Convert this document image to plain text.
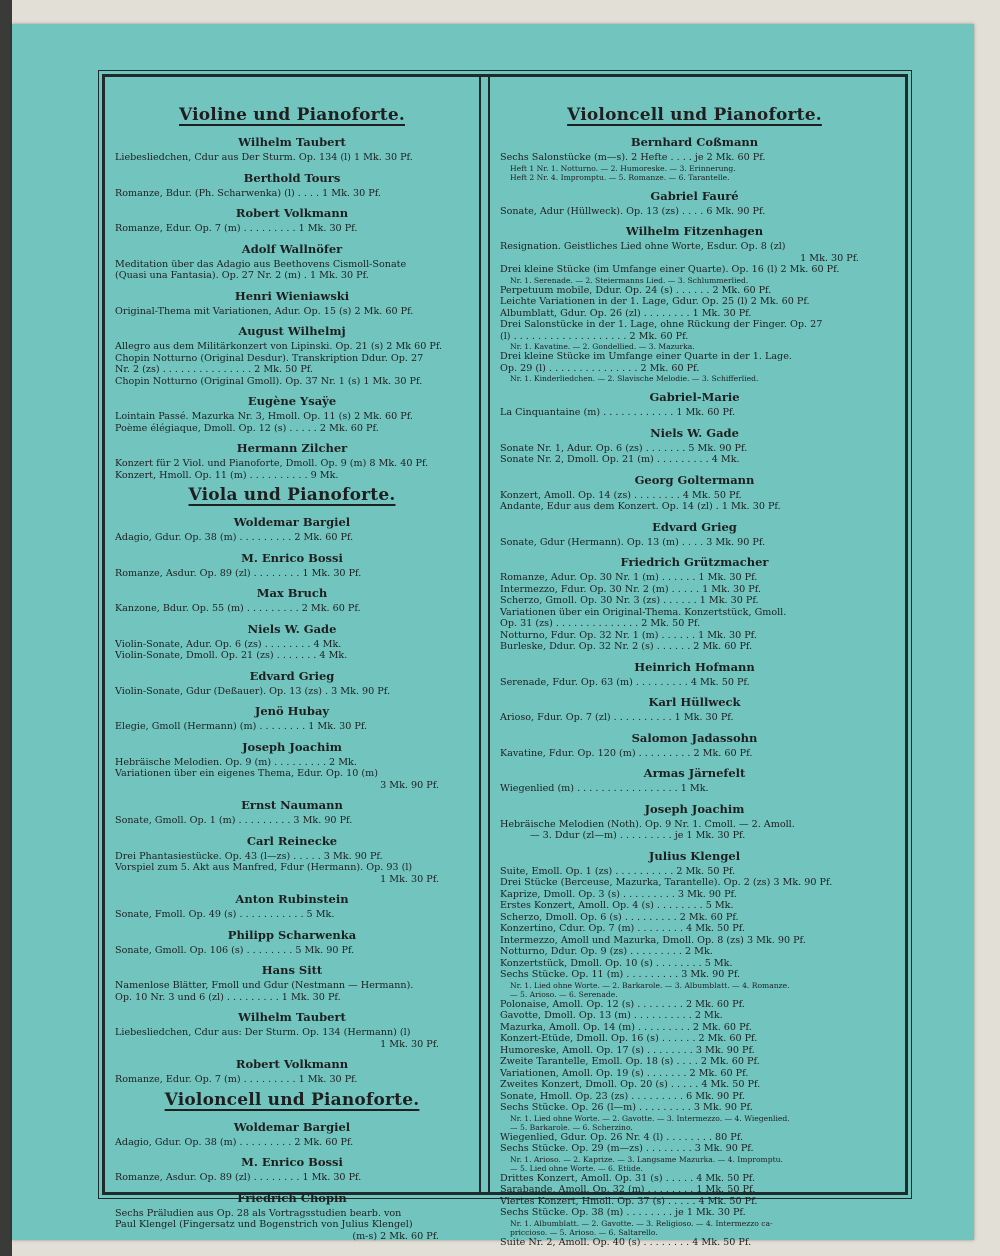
Violine und Pianoforte.
Wilhelm Taubert
Liebesliedchen, Cdur aus Der Sturm. Op. 134 (l) 1 Mk. 30 Pf.
Berthold Tours
Romanze, Bdur. (Ph. Scharwenka) (l) . . . . 1 Mk. 30 Pf.
Robert Volkmann
Romanze, Edur. Op. 7 (m) . . . . . . . . . 1 Mk. 30 Pf.
Adolf Wallnöfer
Meditation über das Adagio aus Beethovens Cismoll-Sonate
(Quasi una Fantasia). Op. 27 Nr. 2 (m) . 1 Mk. 30 Pf.
Henri Wieniawski
Original-Thema mit Variationen, Adur. Op. 15 (s) 2 Mk. 60 Pf.
August Wilhelmj
Allegro aus dem Militärkonzert von Lipinski. Op. 21 (s) 2 Mk 60 Pf.
Chopin Notturno (Original Desdur). Transkription Ddur. Op. 27
Nr. 2 (zs) . . . . . . . . . . . . . . . 2 Mk. 50 Pf.
Chopin Notturno (Original Gmoll). Op. 37 Nr. 1 (s) 1 Mk. 30 Pf.
Eugène Ysaÿe
Lointain Passé. Mazurka Nr. 3, Hmoll. Op. 11 (s) 2 Mk. 60 Pf.
Poème élégiaque, Dmoll. Op. 12 (s) . . . . . 2 Mk. 60 Pf.
Hermann Zilcher
Konzert für 2 Viol. und Pianoforte, Dmoll. Op. 9 (m) 8 Mk. 40 Pf.
Konzert, Hmoll. Op. 11 (m) . . . . . . . . . . 9 Mk.
Viola und Pianoforte.
Woldemar Bargiel
Adagio, Gdur. Op. 38 (m) . . . . . . . . . 2 Mk. 60 Pf.
M. Enrico Bossi
Romanze, Asdur. Op. 89 (zl) . . . . . . . . 1 Mk. 30 Pf.
Max Bruch
Kanzone, Bdur. Op. 55 (m) . . . . . . . . . 2 Mk. 60 Pf.
Niels W. Gade
Violin-Sonate, Adur. Op. 6 (zs) . . . . . . . . 4 Mk.
Violin-Sonate, Dmoll. Op. 21 (zs) . . . . . . . 4 Mk.
Edvard Grieg
Violin-Sonate, Gdur (Deßauer). Op. 13 (zs) . 3 Mk. 90 Pf.
Jenö Hubay
Elegie, Gmoll (Hermann) (m) . . . . . . . . 1 Mk. 30 Pf.
Joseph Joachim
Hebräische Melodien. Op. 9 (m) . . . . . . . . . 2 Mk.
Variationen über ein eigenes Thema, Edur. Op. 10 (m)
3 Mk. 90 Pf.
Ernst Naumann
Sonate, Gmoll. Op. 1 (m) . . . . . . . . . 3 Mk. 90 Pf.
Carl Reinecke
Drei Phantasiestücke. Op. 43 (l—zs) . . . . . 3 Mk. 90 Pf.
Vorspiel zum 5. Akt aus Manfred, Fdur (Hermann). Op. 93 (l)
1 Mk. 30 Pf.
Anton Rubinstein
Sonate, Fmoll. Op. 49 (s) . . . . . . . . . . . 5 Mk.
Philipp Scharwenka
Sonate, Gmoll. Op. 106 (s) . . . . . . . . 5 Mk. 90 Pf.
Hans Sitt
Namenlose Blätter, Fmoll und Gdur (Nestmann — Hermann).
Op. 10 Nr. 3 und 6 (zl) . . . . . . . . . 1 Mk. 30 Pf.
Wilhelm Taubert
Liebesliedchen, Cdur aus: Der Sturm. Op. 134 (Hermann) (l)
1 Mk. 30 Pf.
Robert Volkmann
Romanze, Edur. Op. 7 (m) . . . . . . . . . 1 Mk. 30 Pf.
Violoncell und Pianoforte.
Woldemar Bargiel
Adagio, Gdur. Op. 38 (m) . . . . . . . . . 2 Mk. 60 Pf.
M. Enrico Bossi
Romanze, Asdur. Op. 89 (zl) . . . . . . . . 1 Mk. 30 Pf.
Friedrich Chopin
Sechs Präludien aus Op. 28 als Vortragsstudien bearb. von
Paul Klengel (Fingersatz und Bogenstrich von Julius Klengel)
(m-s) 2 Mk. 60 Pf.
Violoncell und Pianoforte.
Bernhard Coßmann
Sechs Salonstücke (m—s). 2 Hefte . . . . je 2 Mk. 60 Pf.
Heft 1 Nr. 1. Notturno. — 2. Humoreske. — 3. Erinnerung.
Heft 2 Nr. 4. Impromptu. — 5. Romanze. — 6. Tarantelle.
Gabriel Fauré
Sonate, Adur (Hüllweck). Op. 13 (zs) . . . . 6 Mk. 90 Pf.
Wilhelm Fitzenhagen
Resignation. Geistliches Lied ohne Worte, Esdur. Op. 8 (zl)
1 Mk. 30 Pf.
Drei kleine Stücke (im Umfange einer Quarte). Op. 16 (l) 2 Mk. 60 Pf.
Nr. 1. Serenade. — 2. Steiermanns Lied. — 3. Schlummerlied.
Perpetuum mobile, Ddur. Op. 24 (s) . . . . . . 2 Mk. 60 Pf.
Leichte Variationen in der 1. Lage, Gdur. Op. 25 (l) 2 Mk. 60 Pf.
Albumblatt, Gdur. Op. 26 (zl) . . . . . . . . 1 Mk. 30 Pf.
Drei Salonstücke in der 1. Lage, ohne Rückung der Finger. Op. 27
(l) . . . . . . . . . . . . . . . . . . . 2 Mk. 60 Pf.
Nr. 1. Kavatine. — 2. Gondellied. — 3. Mazurka.
Drei kleine Stücke im Umfange einer Quarte in der 1. Lage.
Op. 29 (l) . . . . . . . . . . . . . . . 2 Mk. 60 Pf.
Nr. 1. Kinderliedchen. — 2. Slavische Melodie. — 3. Schifferlied.
Gabriel-Marie
La Cinquantaine (m) . . . . . . . . . . . . 1 Mk. 60 Pf.
Niels W. Gade
Sonate Nr. 1, Adur. Op. 6 (zs) . . . . . . . 5 Mk. 90 Pf.
Sonate Nr. 2, Dmoll. Op. 21 (m) . . . . . . . . . 4 Mk.
Georg Goltermann
Konzert, Amoll. Op. 14 (zs) . . . . . . . . 4 Mk. 50 Pf.
Andante, Edur aus dem Konzert. Op. 14 (zl) . 1 Mk. 30 Pf.
Edvard Grieg
Sonate, Gdur (Hermann). Op. 13 (m) . . . . 3 Mk. 90 Pf.
Friedrich Grützmacher
Romanze, Adur. Op. 30 Nr. 1 (m) . . . . . . 1 Mk. 30 Pf.
Intermezzo, Fdur. Op. 30 Nr. 2 (m) . . . . . 1 Mk. 30 Pf.
Scherzo, Gmoll. Op. 30 Nr. 3 (zs) . . . . . . 1 Mk. 30 Pf.
Variationen über ein Original-Thema. Konzertstück, Gmoll.
Op. 31 (zs) . . . . . . . . . . . . . . 2 Mk. 50 Pf.
Notturno, Fdur. Op. 32 Nr. 1 (m) . . . . . . 1 Mk. 30 Pf.
Burleske, Ddur. Op. 32 Nr. 2 (s) . . . . . . 2 Mk. 60 Pf.
Heinrich Hofmann
Serenade, Fdur. Op. 63 (m) . . . . . . . . . 4 Mk. 50 Pf.
Karl Hüllweck
Arioso, Fdur. Op. 7 (zl) . . . . . . . . . . 1 Mk. 30 Pf.
Salomon Jadassohn
Kavatine, Fdur. Op. 120 (m) . . . . . . . . . 2 Mk. 60 Pf.
Armas Järnefelt
Wiegenlied (m) . . . . . . . . . . . . . . . . . 1 Mk.
Joseph Joachim
Hebräische Melodien (Noth). Op. 9 Nr. 1. Cmoll. — 2. Amoll.
— 3. Ddur (zl—m) . . . . . . . . . je 1 Mk. 30 Pf.
Julius Klengel
Suite, Emoll. Op. 1 (zs) . . . . . . . . . . 2 Mk. 50 Pf.
Drei Stücke (Berceuse, Mazurka, Tarantelle). Op. 2 (zs) 3 Mk. 90 Pf.
Kaprize, Dmoll. Op. 3 (s) . . . . . . . . . 3 Mk. 90 Pf.
Erstes Konzert, Amoll. Op. 4 (s) . . . . . . . . 5 Mk.
Scherzo, Dmoll. Op. 6 (s) . . . . . . . . . 2 Mk. 60 Pf.
Konzertino, Cdur. Op. 7 (m) . . . . . . . . 4 Mk. 50 Pf.
Intermezzo, Amoll und Mazurka, Dmoll. Op. 8 (zs) 3 Mk. 90 Pf.
Notturno, Ddur. Op. 9 (zs) . . . . . . . . . 2 Mk.
Konzertstück, Dmoll. Op. 10 (s) . . . . . . . . 5 Mk.
Sechs Stücke. Op. 11 (m) . . . . . . . . . 3 Mk. 90 Pf.
Nr. 1. Lied ohne Worte. — 2. Barkarole. — 3. Albumblatt. — 4. Romanze.
— 5. Arioso. — 6. Serenade.
Polonaise, Amoll. Op. 12 (s) . . . . . . . . 2 Mk. 60 Pf.
Gavotte, Dmoll. Op. 13 (m) . . . . . . . . . . 2 Mk.
Mazurka, Amoll. Op. 14 (m) . . . . . . . . . 2 Mk. 60 Pf.
Konzert-Etüde, Dmoll. Op. 16 (s) . . . . . . 2 Mk. 60 Pf.
Humoreske, Amoll. Op. 17 (s) . . . . . . . . 3 Mk. 90 Pf.
Zweite Tarantelle, Emoll. Op. 18 (s) . . . . 2 Mk. 60 Pf.
Variationen, Amoll. Op. 19 (s) . . . . . . . 2 Mk. 60 Pf.
Zweites Konzert, Dmoll. Op. 20 (s) . . . . . 4 Mk. 50 Pf.
Sonate, Hmoll. Op. 23 (zs) . . . . . . . . . 6 Mk. 90 Pf.
Sechs Stücke. Op. 26 (l—m) . . . . . . . . . 3 Mk. 90 Pf.
Nr. 1. Lied ohne Worte. — 2. Gavotte. — 3. Intermezzo. — 4. Wiegenlied.
— 5. Barkarole. — 6. Scherzino.
Wiegenlied, Gdur. Op. 26 Nr. 4 (l) . . . . . . . . 80 Pf.
Sechs Stücke. Op. 29 (m—zs) . . . . . . . . 3 Mk. 90 Pf.
Nr. 1. Arioso. — 2. Kaprize. — 3. Langsame Mazurka. — 4. Impromptu.
— 5. Lied ohne Worte. — 6. Etüde.
Drittes Konzert, Amoll. Op. 31 (s) . . . . . 4 Mk. 50 Pf.
Sarabande, Amoll. Op. 32 (m) . . . . . . . . 1 Mk. 50 Pf.
Viertes Konzert, Hmoll. Op. 37 (s) . . . . . 4 Mk. 50 Pf.
Sechs Stücke. Op. 38 (m) . . . . . . . . je 1 Mk. 30 Pf.
Nr. 1. Albumblatt. — 2. Gavotte. — 3. Religioso. — 4. Intermezzo ca-
priccioso. — 5. Arioso. — 6. Saltarello.
Suite Nr. 2, Amoll. Op. 40 (s) . . . . . . . . 4 Mk. 50 Pf.
